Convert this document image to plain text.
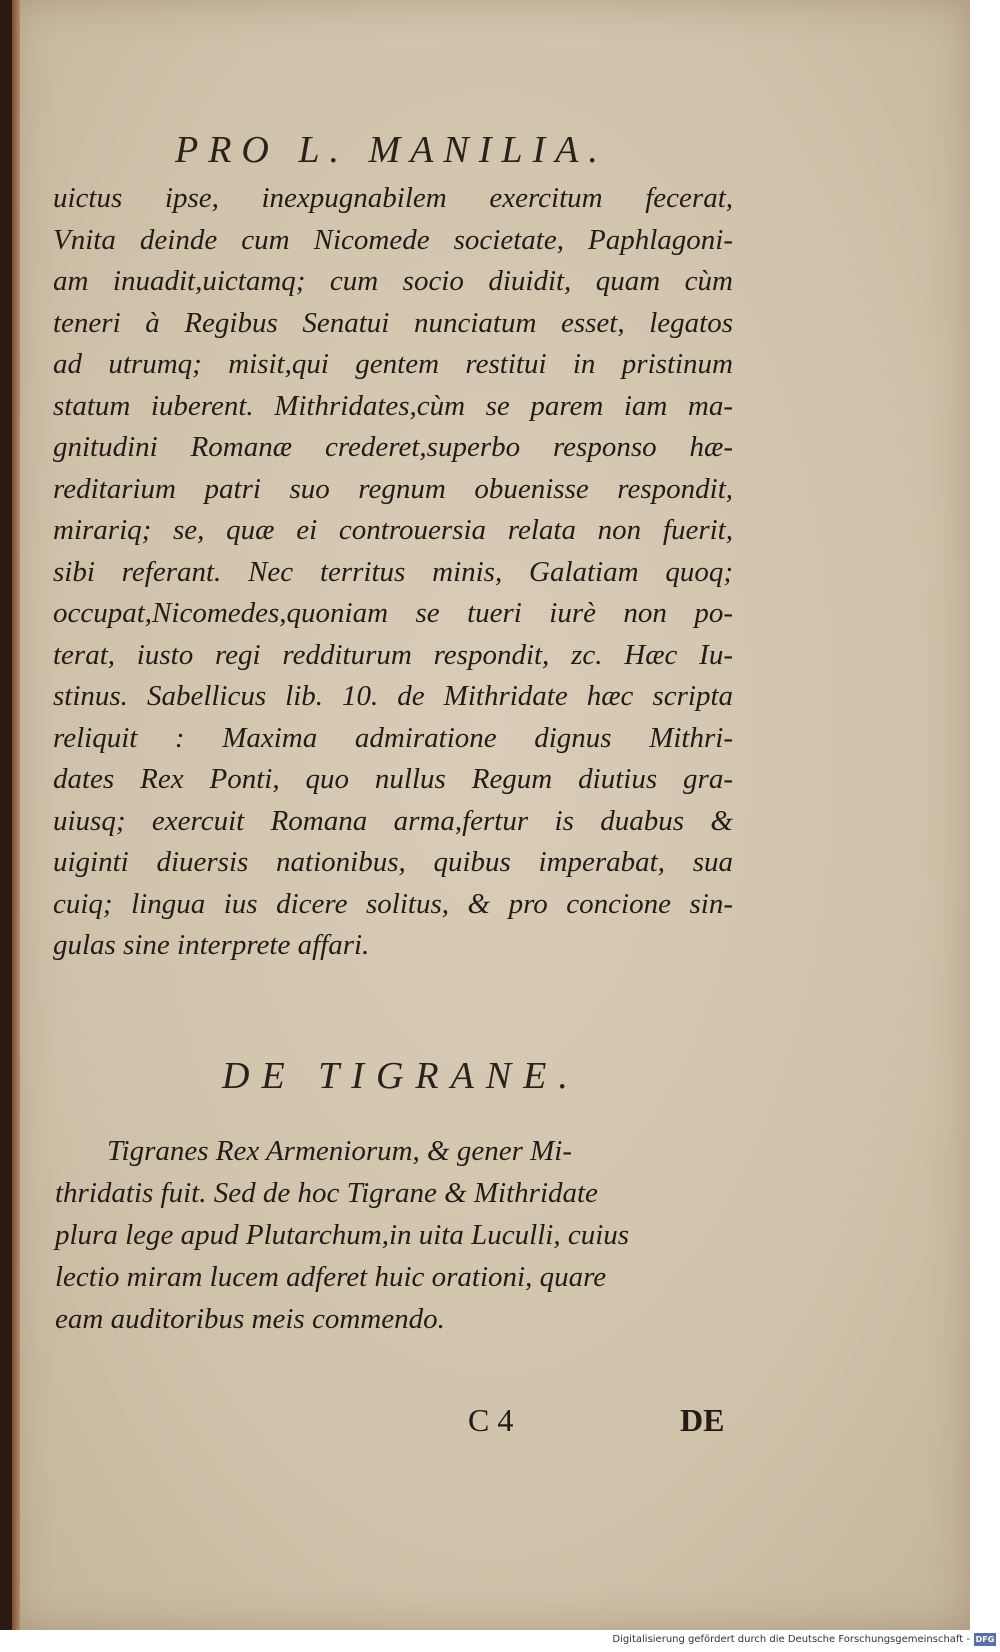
PRO L. MANILIA.
uictus ipse, inexpugnabilem exercitum fecerat,
Vnita deinde cum Nicomede societate, Paphlagoni-
am inuadit,uictamq; cum socio diuidit, quam cùm
teneri à Regibus Senatui nunciatum esset, legatos
ad utrumq; misit,qui gentem restitui in pristinum
statum iuberent. Mithridates,cùm se parem iam ma-
gnitudini Romanæ crederet,superbo responso hæ-
reditarium patri suo regnum obuenisse respondit,
mirariq; se, quæ ei controuersia relata non fuerit,
sibi referant. Nec territus minis, Galatiam quoq;
occupat,Nicomedes,quoniam se tueri iurè non po-
terat, iusto regi redditurum respondit, zc. Hæc Iu-
stinus. Sabellicus lib. 10. de Mithridate hæc scripta
reliquit : Maxima admiratione dignus Mithri-
dates Rex Ponti, quo nullus Regum diutius gra-
uiusq; exercuit Romana arma,fertur is duabus &
uiginti diuersis nationibus, quibus imperabat, sua
cuiq; lingua ius dicere solitus, & pro concione sin-
gulas sine interprete affari.
DE TIGRANE.
Tigranes Rex Armeniorum, & gener Mi-
thridatis fuit. Sed de hoc Tigrane & Mithridate
plura lege apud Plutarchum,in uita Luculli, cuius
lectio miram lucem adferet huic orationi, quare
eam auditoribus meis commendo.
C 4	DE
Digitalisierung gefördert durch die Deutsche Forschungsgemeinschaft - DFG
